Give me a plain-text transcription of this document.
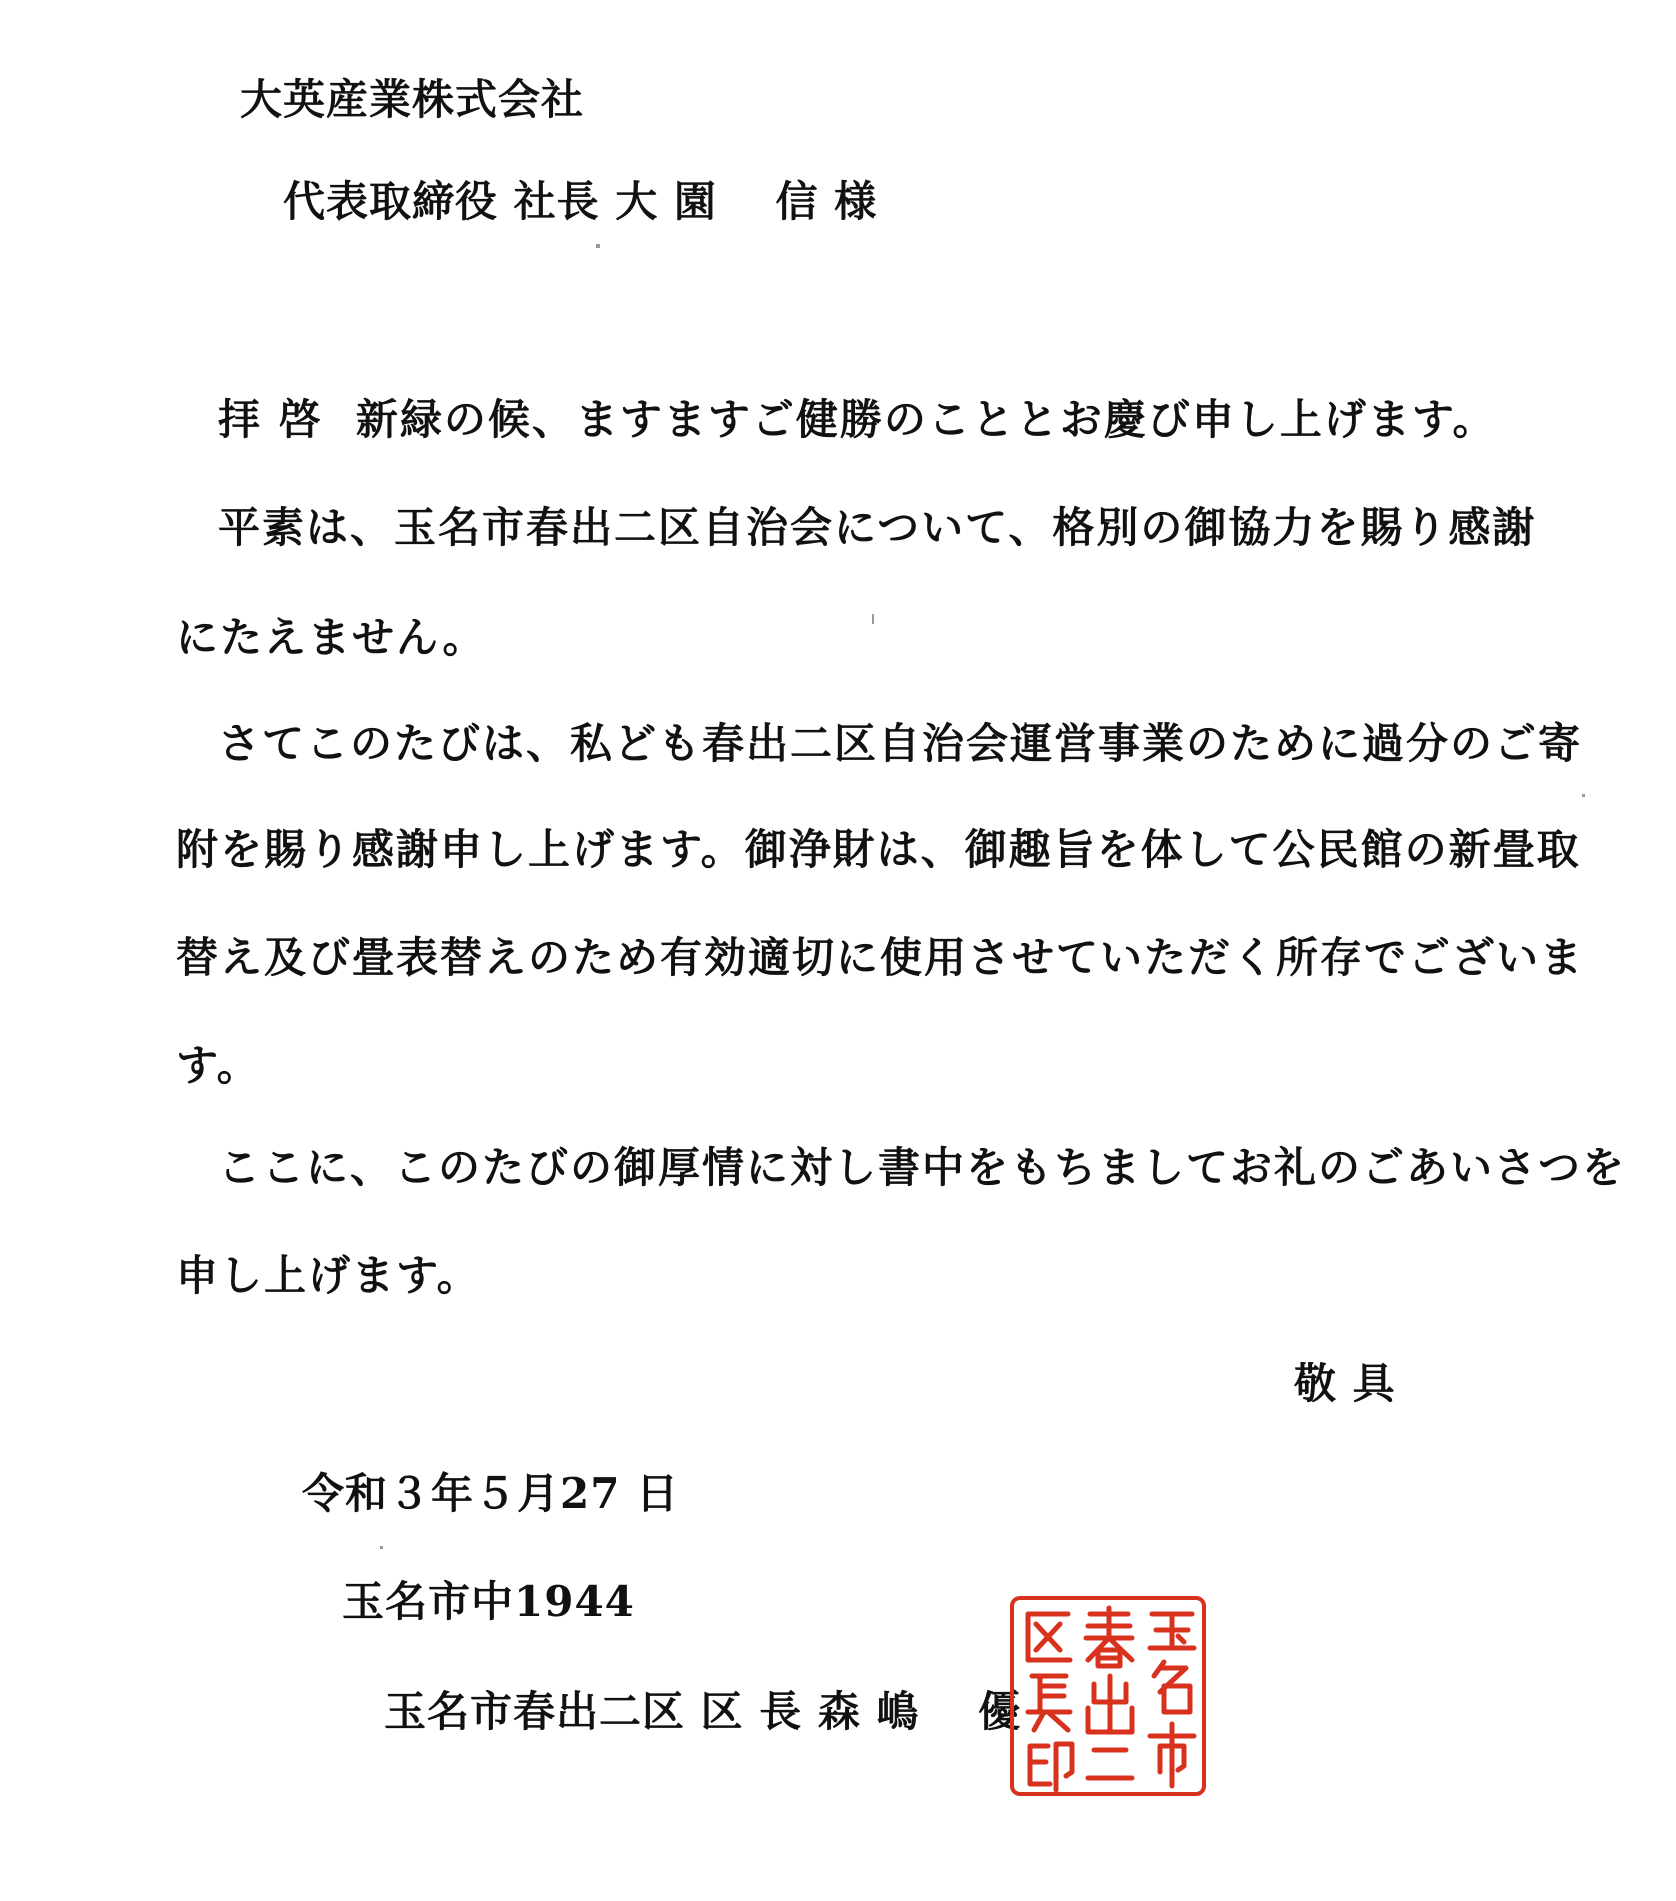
大英産業株式会社
代表取締役 社長 大 園　 信 様
拝 啓  新緑の候、ますますご健勝のこととお慶び申し上げます。
平素は、玉名市春出二区自治会について、格別の御協力を賜り感謝
にたえません。
さてこのたびは、私ども春出二区自治会運営事業のために過分のご寄
附を賜り感謝申し上げます。御浄財は、御趣旨を体して公民館の新畳取
替え及び畳表替えのため有効適切に使用させていただく所存でございま
す。
ここに、このたびの御厚情に対し書中をもちましてお礼のごあいさつを
申し上げます。
敬 具
令和３年５月27 日
玉名市中1944
玉名市春出二区 区 長 森 嶋　 優
